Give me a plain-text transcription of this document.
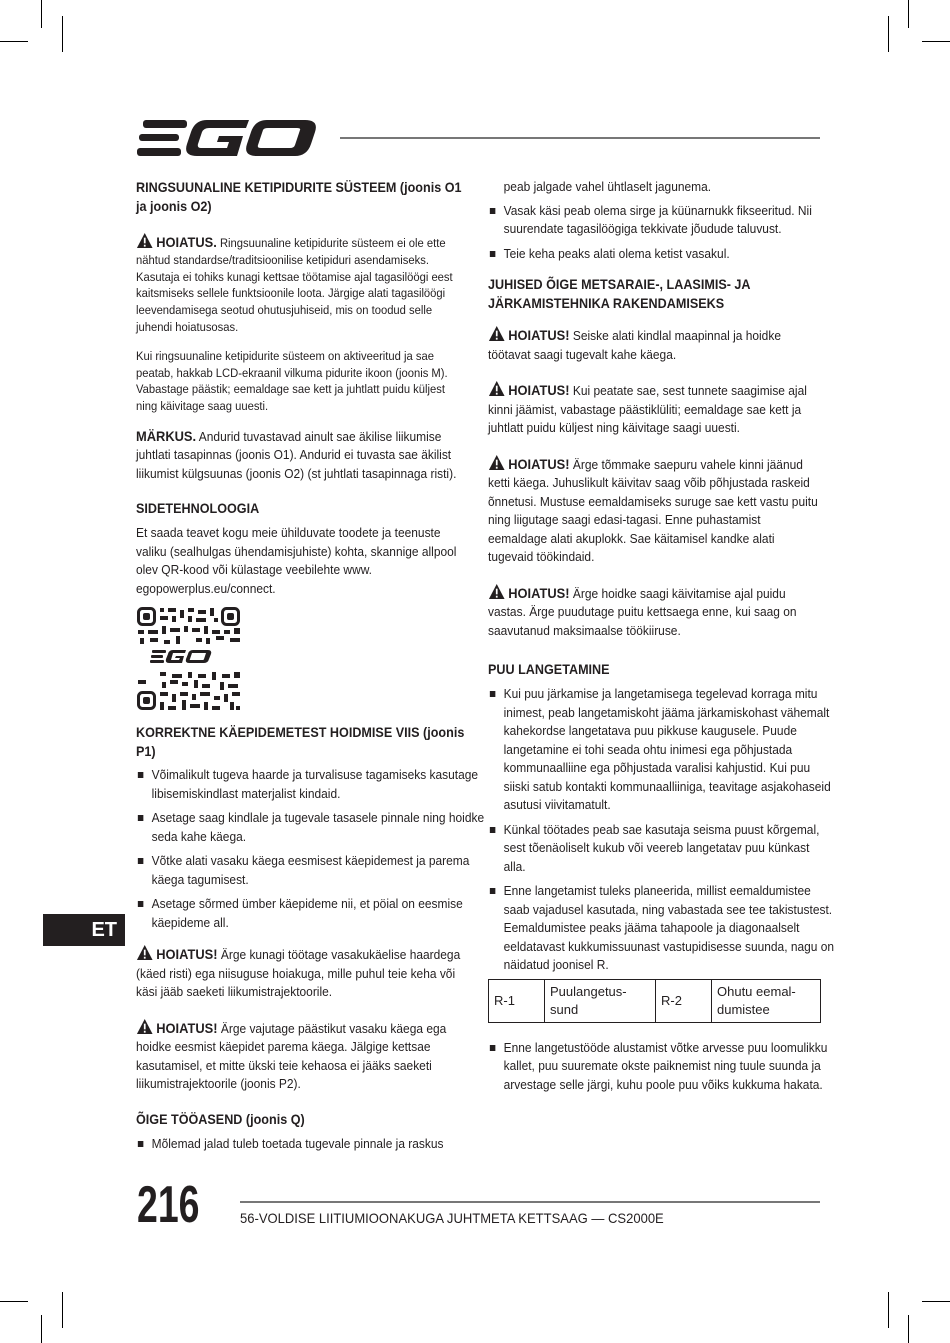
RINGSUUNALINE KETIPIDURITE SÜSTEEM (joonis O1 ja joonis O2)

HOIATUS. Ringsuunaline ketipidurite süsteem ei ole ette nähtud standardse/traditsioonilise ketipiduri asendamiseks. Kasutaja ei tohiks kunagi kettsae töötamise ajal tagasilöögi eest kaitsmiseks sellele funktsioonile loota. Järgige alati tagasilöögi leevendamisega seotud ohutusjuhiseid, mis on toodud selle juhendi hoiatusosas.

Kui ringsuunaline ketipidurite süsteem on aktiveeritud ja sae peatab, hakkab LCD-ekraanil vilkuma pidurite ikoon (joonis M). Vabastage päästik; eemaldage sae kett ja juhtlatt puidu küljest ning käivitage saag uuesti.

MÄRKUS. Andurid tuvastavad ainult sae äkilise liikumise juhtlati tasapinnas (joonis O1). Andurid ei tuvasta sae äkilist liikumist külgsuunas (joonis O2) (st juhtlati tasapinnaga risti).

SIDETEHNOLOOGIA

Et saada teavet kogu meie ühilduvate toodete ja teenuste valiku (sealhulgas ühendamisjuhiste) kohta, skannige allpool olev QR-kood või külastage veebilehte www. egopowerplus.eu/connect.

KORREKTNE KÄEPIDEMETEST HOIDMISE VIIS (joonis P1)

Võimalikult tugeva haarde ja turvalisuse tagamiseks kasutage libisemiskindlast materjalist kindaid.
Asetage saag kindlale ja tugevale tasasele pinnale ning hoidke seda kahe käega.
Võtke alati vasaku käega eesmisest käepidemest ja parema käega tagumisest.
Asetage sõrmed ümber käepideme nii, et pöial on eesmise käepideme all.

HOIATUS! Ärge kunagi töötage vasakukäelise haardega (käed risti) ega niisuguse hoiakuga, mille puhul teie keha või käsi jääb saeketi liikumistrajektoorile.

HOIATUS! Ärge vajutage päästikut vasaku käega ega hoidke eesmist käepidet parema käega. Jälgige kettsae kasutamisel, et mitte ükski teie kehaosa ei jääks saeketi liikumistrajektoorile (joonis P2).

ÕIGE TÖÖASEND (joonis Q)

Mõlemad jalad tuleb toetada tugevale pinnale ja raskus

peab jalgade vahel ühtlaselt jagunema.

Vasak käsi peab olema sirge ja küünarnukk fikseeritud. Nii suurendate tagasilöögiga tekkivate jõudude taluvust.
Teie keha peaks alati olema ketist vasakul.

JUHISED ÕIGE METSARAIE-, LAASIMIS- JA JÄRKAMISTEHNIKA RAKENDAMISEKS

HOIATUS! Seiske alati kindlal maapinnal ja hoidke töötavat saagi tugevalt kahe käega.

HOIATUS! Kui peatate sae, sest tunnete saagimise ajal kinni jäämist, vabastage päästiklüliti; eemaldage sae kett ja juhtlatt puidu küljest ning käivitage saagi uuesti.

HOIATUS! Ärge tõmmake saepuru vahele kinni jäänud ketti käega. Juhuslikult käivitav saag võib põhjustada raskeid õnnetusi. Mustuse eemaldamiseks suruge sae kett vastu puitu ning liigutage saagi edasi-tagasi. Enne puhastamist eemaldage alati akuplokk. Sae käitamisel kandke alati tugevaid töökindaid.

HOIATUS! Ärge hoidke saagi käivitamise ajal puidu vastas. Ärge puudutage puitu kettsaega enne, kui saag on saavutanud maksimaalse töökiiruse.

PUU LANGETAMINE

Kui puu järkamise ja langetamisega tegelevad korraga mitu inimest, peab langetamiskoht jääma järkamiskohast vähemalt kahekordse langetatava puu pikkuse kaugusele. Puude langetamine ei tohi seada ohtu inimesi ega põhjustada kommunaalliine ega põhjustada varalisi kahjustid. Kui puu siiski satub kontakti kommunaalliiniga, teavitage asjakohaseid asutusi viivitamatult.
Künkal töötades peab sae kasutaja seisma puust kõrgemal, sest tõenäoliselt kukub või veereb langetatav puu künkast alla.
Enne langetamist tuleks planeerida, millist eemaldumistee saab vajadusel kasutada, ning vabastada see tee takistustest. Eemaldumistee peaks jääma tahapoole ja diagonaalselt eeldatavast kukkumissuunast vastupidisesse suunda, nagu on näidatud joonisel R.
R-1	Puulangetus-sund	R-2	Ohutu eemal-dumistee
Enne langetustööde alustamist võtke arvesse puu loomulikku kallet, puu suuremate okste paiknemist ning tuule suunda ja arvestage selle järgi, kuhu poole puu võiks kukkuma hakata.
ET
216	56-VOLDISE LIITIUMIOONAKUGA JUHTMETA KETTSAAG — CS2000E
